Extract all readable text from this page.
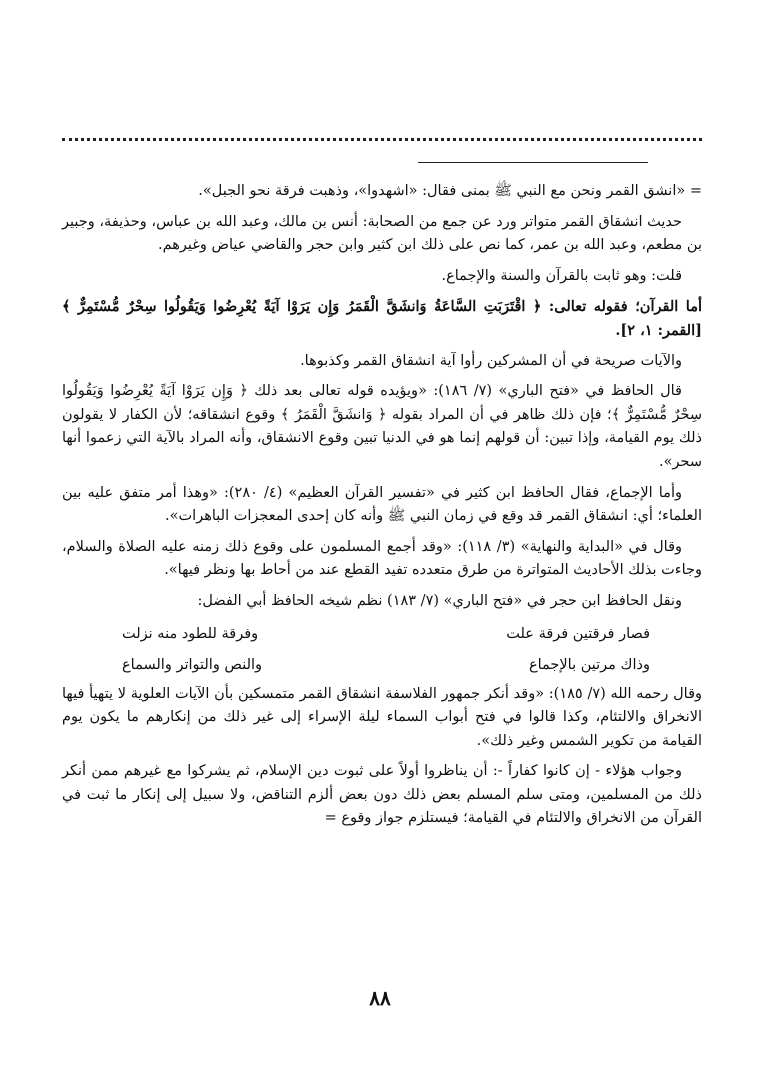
= «انشق القمر ونحن مع النبي ﷺ بمنى فقال: «اشهدوا»، وذهبت فرقة نحو الجبل».

حديث انشقاق القمر متواتر ورد عن جمع من الصحابة: أنس بن مالك، وعبد الله بن عباس، وحذيفة، وجبير بن مطعم، وعبد الله بن عمر، كما نص على ذلك ابن كثير وابن حجر والقاضي عياض وغيرهم.

قلت: وهو ثابت بالقرآن والسنة والإجماع.

أما القرآن؛ فقوله تعالى: ﴿ اقْتَرَبَتِ السَّاعَةُ وَانشَقَّ الْقَمَرُ وَإِن يَرَوْا آيَةً يُعْرِضُوا وَيَقُولُوا سِحْرٌ مُّسْتَمِرٌّ ﴾ [القمر: ١، ٢].

والآيات صريحة في أن المشركين رأوا آية انشقاق القمر وكذبوها.

قال الحافظ في «فتح الباري» (٧/ ١٨٦): «ويؤيده قوله تعالى بعد ذلك ﴿ وَإِن يَرَوْا آيَةً يُعْرِضُوا وَيَقُولُوا سِحْرٌ مُّسْتَمِرٌّ ﴾؛ فإن ذلك ظاهر في أن المراد بقوله ﴿ وَانشَقَّ الْقَمَرُ ﴾ وقوع انشقاقه؛ لأن الكفار لا يقولون ذلك يوم القيامة، وإذا تبين: أن قولهم إنما هو في الدنيا تبين وقوع الانشقاق، وأنه المراد بالآية التي زعموا أنها سحر».

وأما الإجماع، فقال الحافظ ابن كثير في «تفسير القرآن العظيم» (٤/ ٢٨٠): «وهذا أمر متفق عليه بين العلماء؛ أي: انشقاق القمر قد وقع في زمان النبي ﷺ وأنه كان إحدى المعجزات الباهرات».

وقال في «البداية والنهاية» (٣/ ١١٨): «وقد أجمع المسلمون على وقوع ذلك زمنه عليه الصلاة والسلام، وجاءت بذلك الأحاديث المتواترة من طرق متعدده تفيد القطع عند من أحاط بها ونظر فيها».

ونقل الحافظ ابن حجر في «فتح الباري» (٧/ ١٨٣) نظم شيخه الحافظ أبي الفضل:

فصار فرقتين فرقة علت
وفرقة للطود منه نزلت
وذاك مرتين بالإجماع
والنص والتواتر والسماع

وقال رحمه الله (٧/ ١٨٥): «وقد أنكر جمهور الفلاسفة انشقاق القمر متمسكين بأن الآيات العلوية لا يتهيأ فيها الانخراق والالتئام، وكذا قالوا في فتح أبواب السماء ليلة الإسراء إلى غير ذلك من إنكارهم ما يكون يوم القيامة من تكوير الشمس وغير ذلك».

وجواب هؤلاء - إن كانوا كفاراً -: أن يناظروا أولاً على ثبوت دين الإسلام، ثم يشركوا مع غيرهم ممن أنكر ذلك من المسلمين، ومتى سلم المسلم بعض ذلك دون بعض ألزم التناقض، ولا سبيل إلى إنكار ما ثبت في القرآن من الانخراق والالتئام في القيامة؛ فيستلزم جواز وقوع =

٨٨
